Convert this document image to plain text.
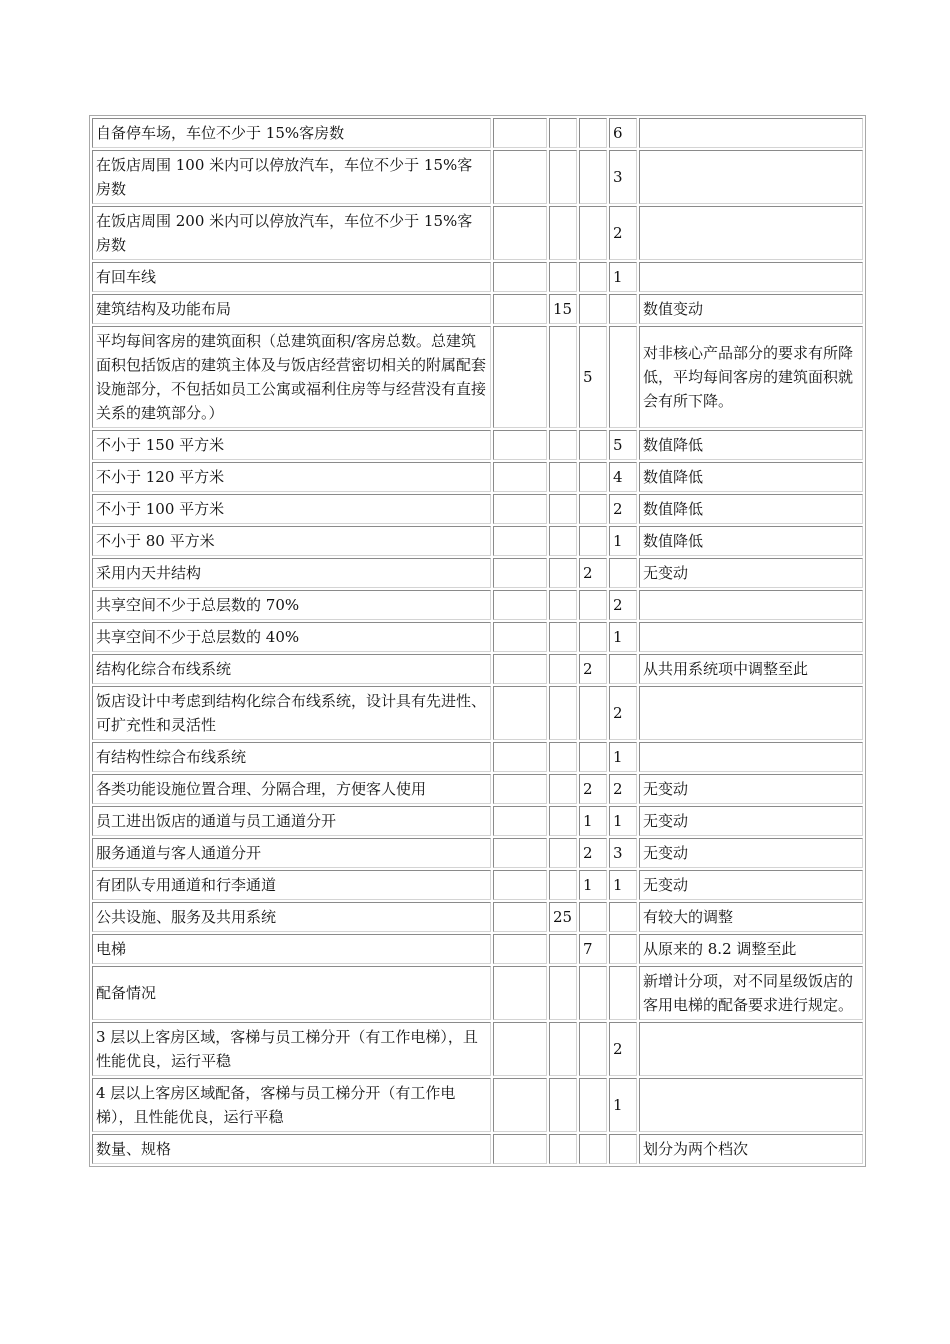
自备停车场，车位不少于 15%客房数				6	
在饭店周围 100 米内可以停放汽车，车位不少于 15%客房数				3	
在饭店周围 200 米内可以停放汽车，车位不少于 15%客房数				2	
有回车线				1	
建筑结构及功能布局		15			数值变动
平均每间客房的建筑面积（总建筑面积/客房总数。总建筑面积包括饭店的建筑主体及与饭店经营密切相关的附属配套设施部分，不包括如员工公寓或福利住房等与经营没有直接关系的建筑部分。）			5		对非核心产品部分的要求有所降低，平均每间客房的建筑面积就会有所下降。
不小于 150 平方米				5	数值降低
不小于 120 平方米				4	数值降低
不小于 100 平方米				2	数值降低
不小于 80 平方米				1	数值降低
采用内天井结构			2		无变动
共享空间不少于总层数的 70%				2	
共享空间不少于总层数的 40%				1	
结构化综合布线系统			2		从共用系统项中调整至此
饭店设计中考虑到结构化综合布线系统，设计具有先进性、可扩充性和灵活性				2	
有结构性综合布线系统				1	
各类功能设施位置合理、分隔合理，方便客人使用			2	2	无变动
员工进出饭店的通道与员工通道分开			1	1	无变动
服务通道与客人通道分开			2	3	无变动
有团队专用通道和行李通道			1	1	无变动
公共设施、服务及共用系统		25			有较大的调整
电梯			7		从原来的 8.2 调整至此
配备情况					新增计分项，对不同星级饭店的客用电梯的配备要求进行规定。
3 层以上客房区域，客梯与员工梯分开（有工作电梯），且性能优良，运行平稳				2	
4 层以上客房区域配备，客梯与员工梯分开（有工作电梯），且性能优良，运行平稳				1	
数量、规格					划分为两个档次
